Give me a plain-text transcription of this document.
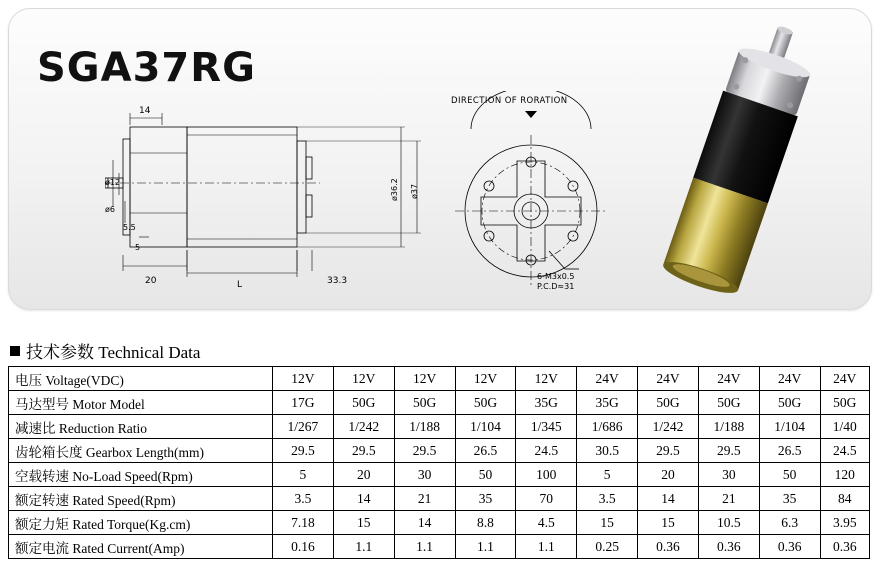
SGA37RG
14
ø12
ø6
5.5
5
20	L	33.3
ø36.2 ø37
DIRECTION OF RORATION
6-M3x0.5
P.C.D≈31
技术参数 Technical Data
电压 Voltage(VDC)	12V	12V	12V	12V	12V	24V	24V	24V	24V	24V
马达型号 Motor Model	17G	50G	50G	50G	35G	35G	50G	50G	50G	50G
减速比 Reduction Ratio	1/267	1/242	1/188	1/104	1/345	1/686	1/242	1/188	1/104	1/40
齿轮箱长度 Gearbox Length(mm)	29.5	29.5	29.5	26.5	24.5	30.5	29.5	29.5	26.5	24.5
空载转速 No-Load Speed(Rpm)	5	20	30	50	100	5	20	30	50	120
额定转速 Rated Speed(Rpm)	3.5	14	21	35	70	3.5	14	21	35	84
额定力矩 Rated Torque(Kg.cm)	7.18	15	14	8.8	4.5	15	15	10.5	6.3	3.95
额定电流 Rated Current(Amp)	0.16	1.1	1.1	1.1	1.1	0.25	0.36	0.36	0.36	0.36
